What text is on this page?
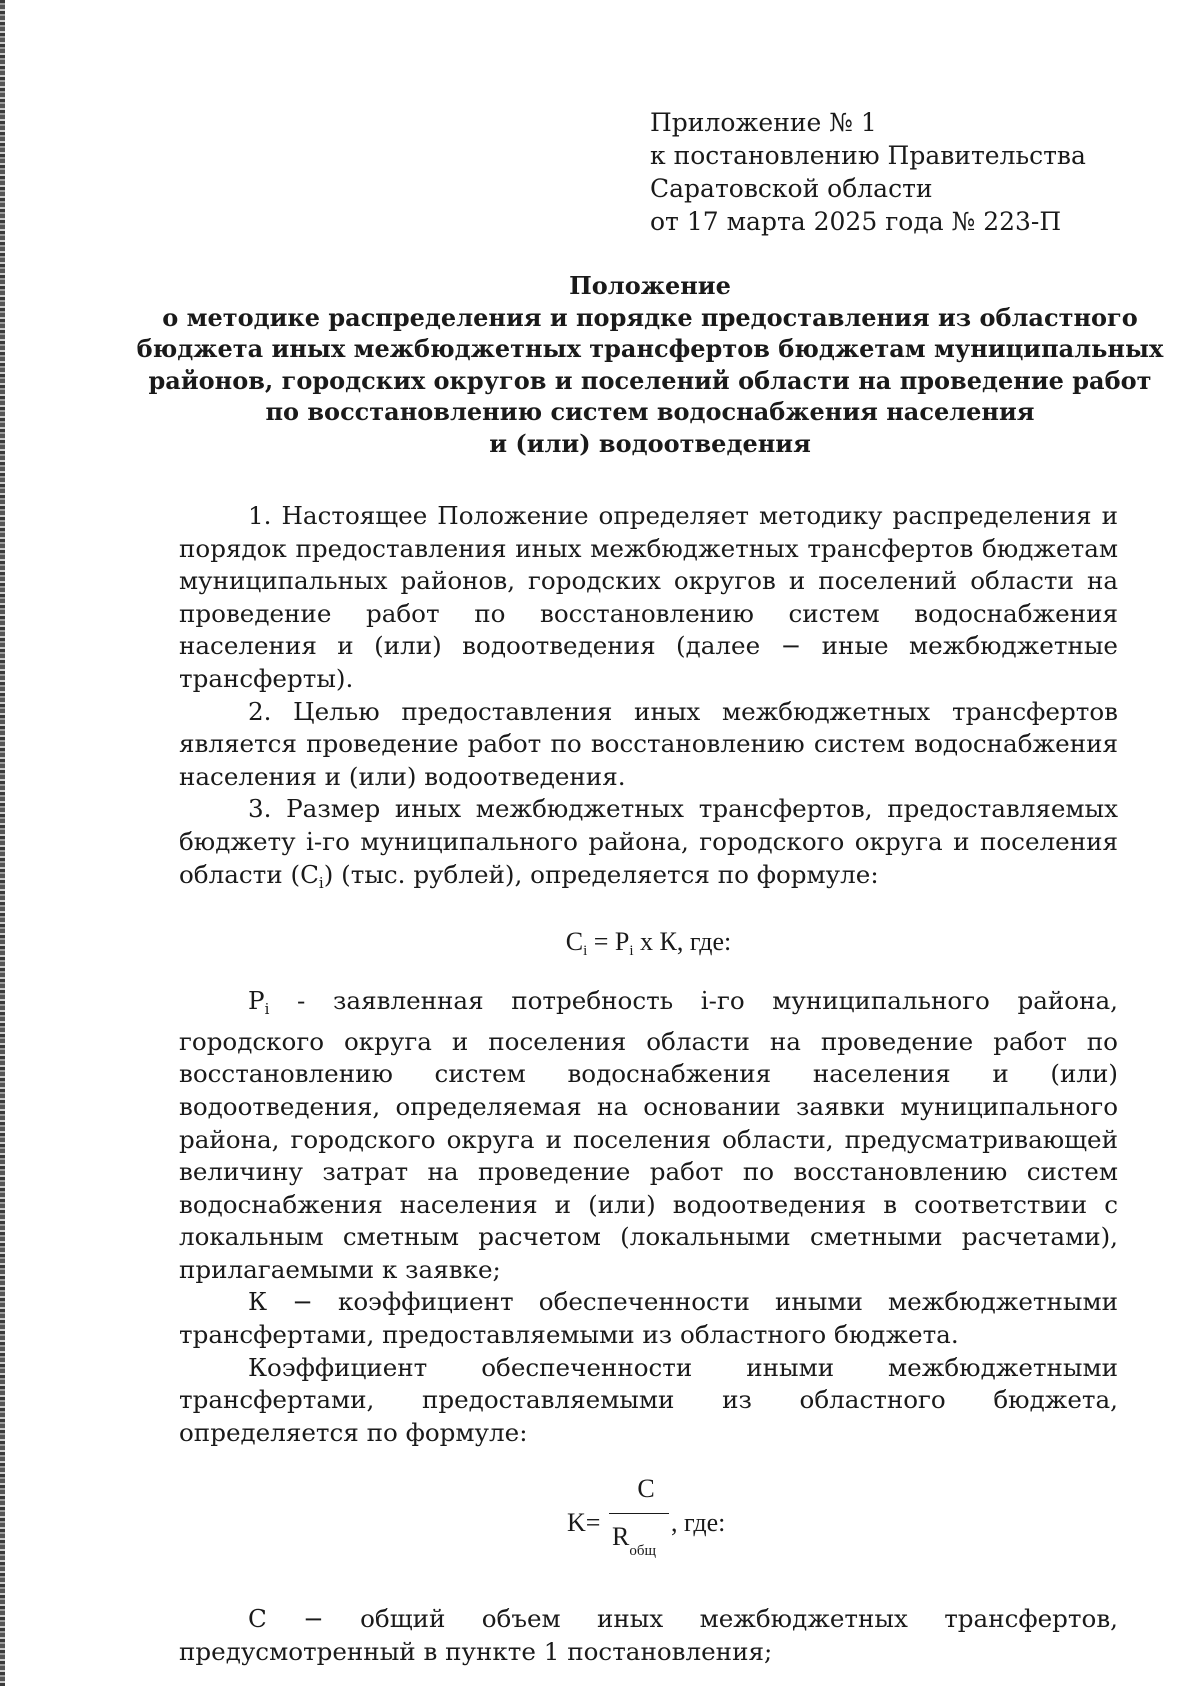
Приложение № 1
к постановлению Правительства
Саратовской области
от 17 марта 2025 года № 223-П
Положение
о методике распределения и порядке предоставления из областного
бюджета иных межбюджетных трансфертов бюджетам муниципальных
районов, городских округов и поселений области на проведение работ
по восстановлению систем водоснабжения населения
и (или) водоотведения

1. Настоящее Положение определяет методику распределения и порядок предоставления иных межбюджетных трансфертов бюджетам муниципальных районов, городских округов и поселений области на проведение работ по восстановлению систем водоснабжения населения и (или) водоотведения (далее − иные межбюджетные трансферты).

2. Целью предоставления иных межбюджетных трансфертов является проведение работ по восстановлению систем водоснабжения населения и (или) водоотведения.

3. Размер иных межбюджетных трансфертов, предоставляемых бюджету i-го муниципального района, городского округа и поселения области $(C_i)$ (тыс. рублей), определяется по формуле:

$C_i = P_i$ x К, где:

$P_i$ - заявленная потребность i-го муниципального района, городского округа и поселения области на проведение работ по восстановлению систем водоснабжения населения и (или) водоотведения, определяемая на основании заявки муниципального района, городского округа и поселения области, предусматривающей величину затрат на проведение работ по восстановлению систем водоснабжения населения и (или) водоотведения в соответствии с локальным сметным расчетом (локальными сметными расчетами), прилагаемыми к заявке;

К − коэффициент обеспеченности иными межбюджетными трансфертами, предоставляемыми из областного бюджета.

Коэффициент обеспеченности иными межбюджетными трансфертами, предоставляемыми из областного бюджета, определяется по формуле:

K=
C
$R_{общ}$
, где:

С − общий объем иных межбюджетных трансфертов, предусмотренный в пункте 1 постановления;
